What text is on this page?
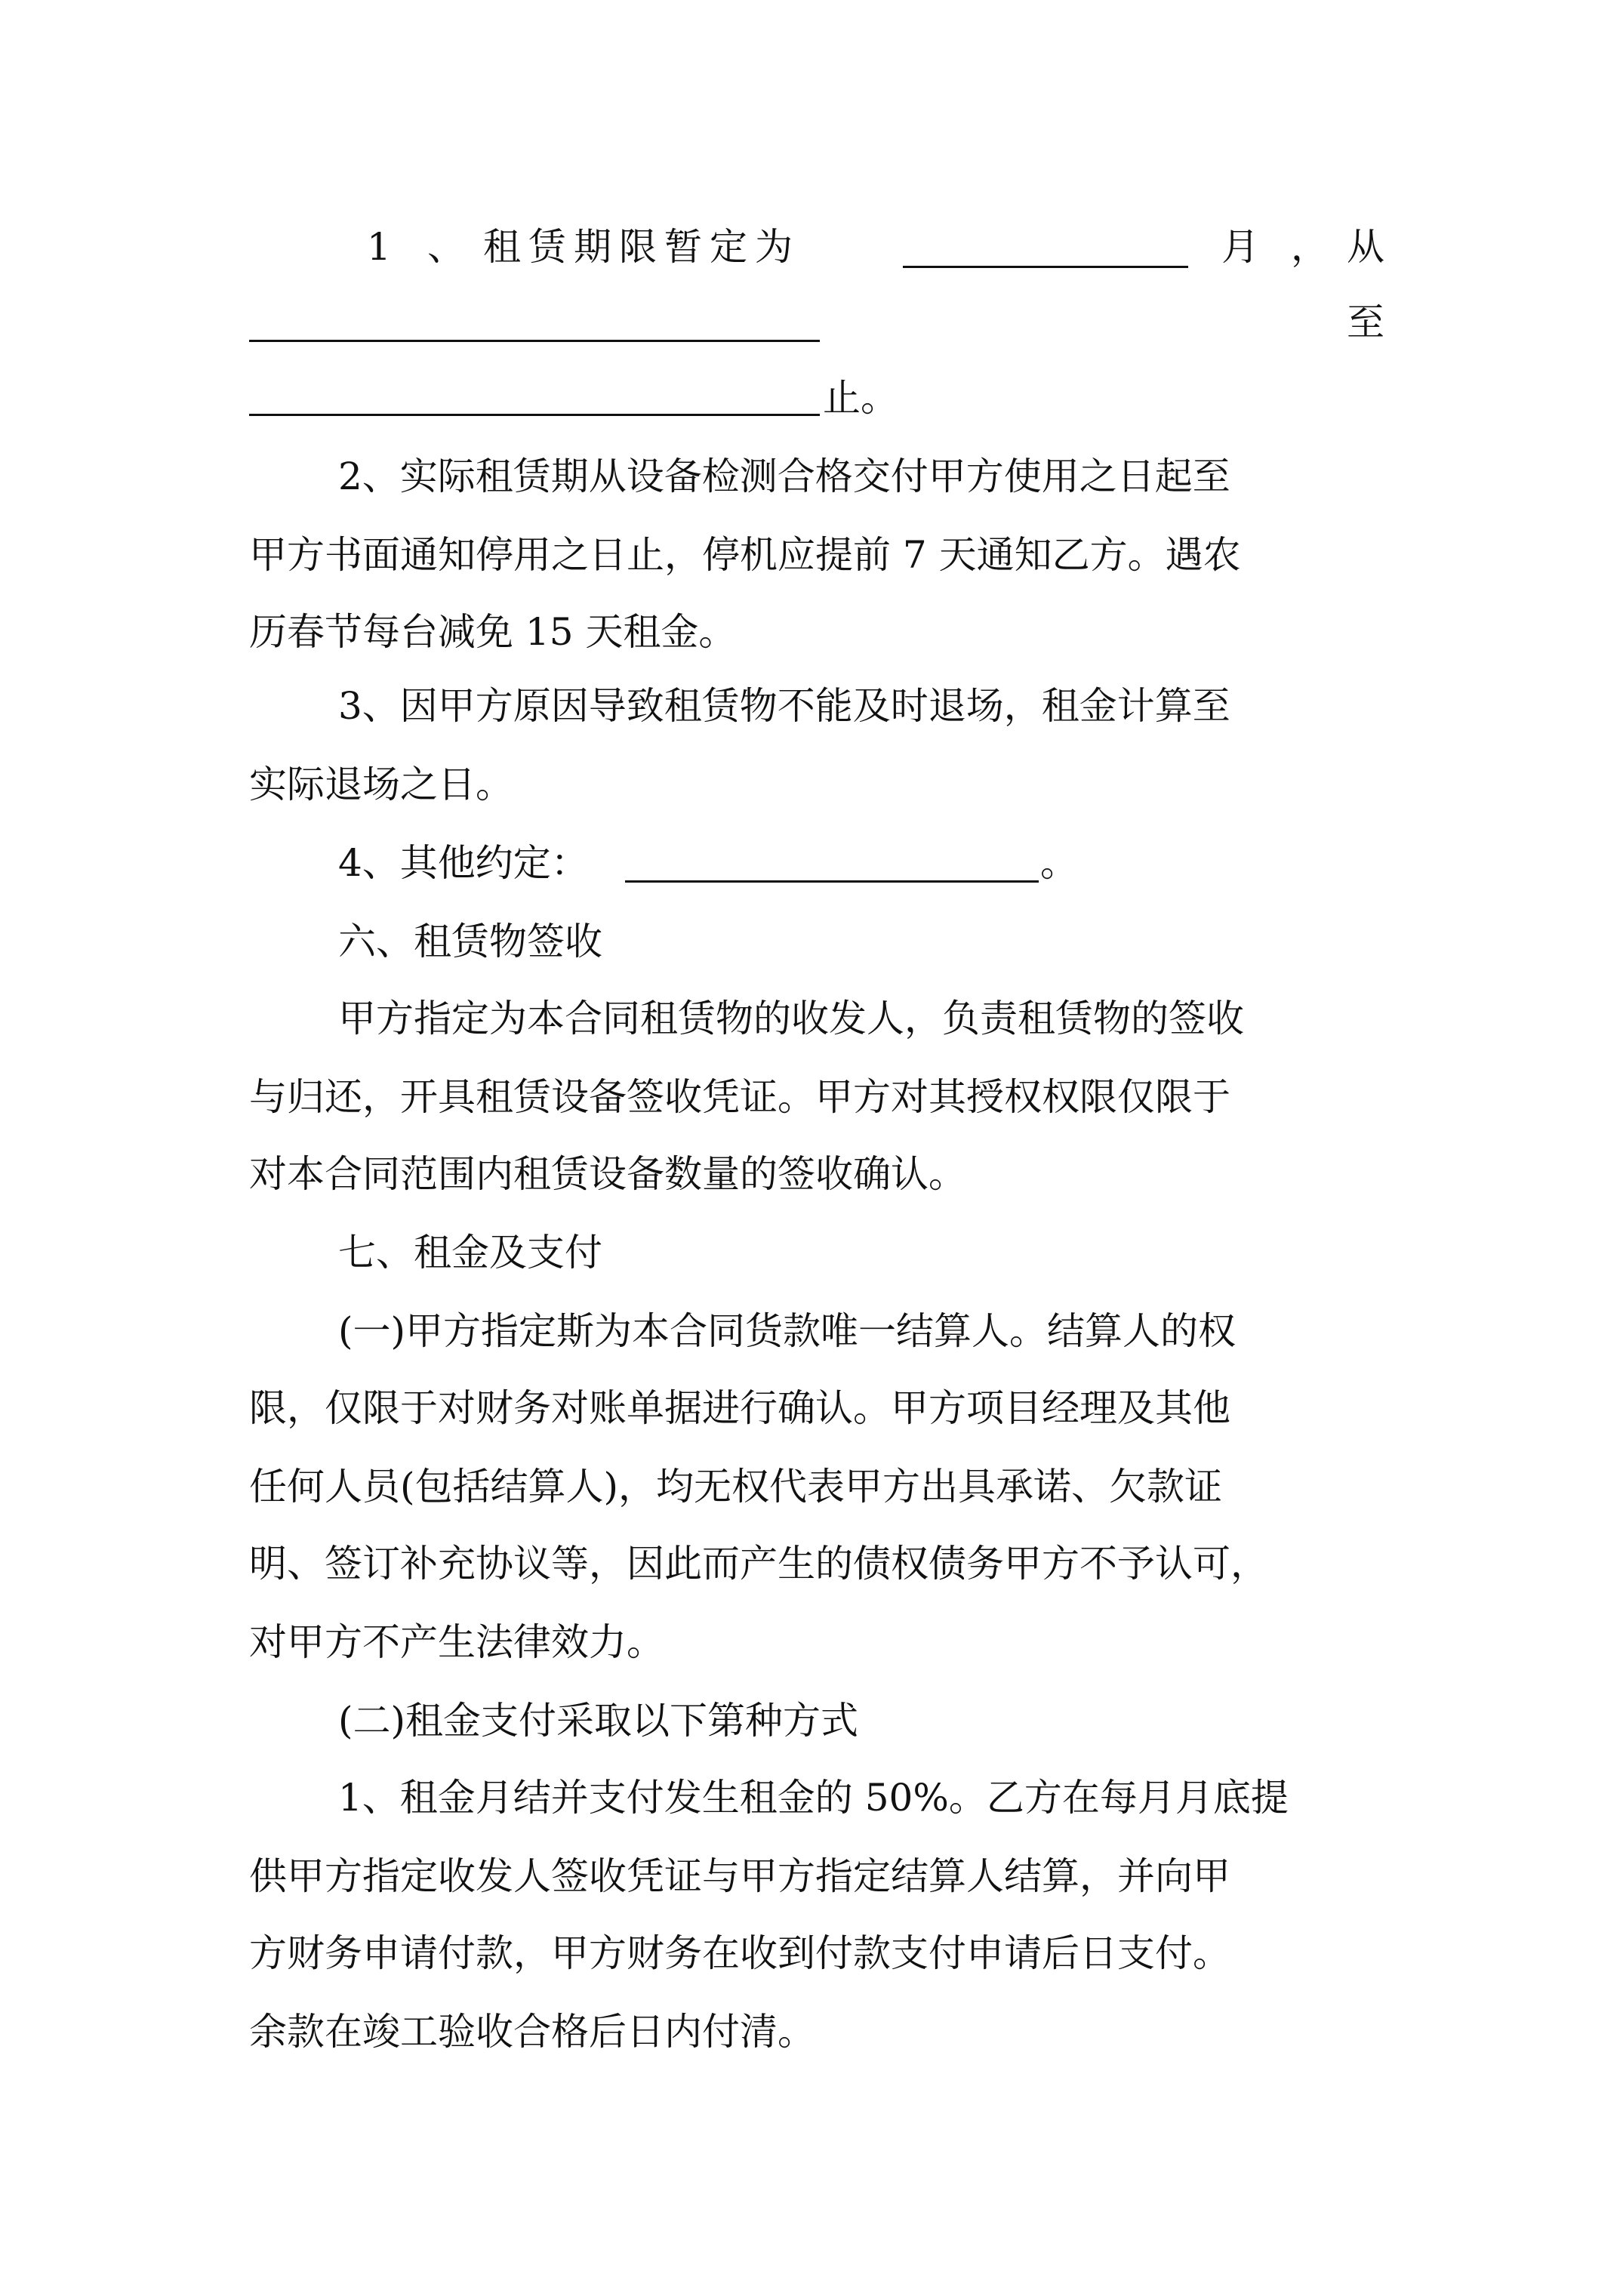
1 、 租 赁 期 限 暂 定 为	月 ， 从
至
止。
2、实际租赁期从设备检测合格交付甲方使用之日起至
甲方书面通知停用之日止，停机应提前 7 天通知乙方。遇农
历春节每台减免 15 天租金。
3、因甲方原因导致租赁物不能及时退场，租金计算至
实际退场之日。
4、其他约定：	。
六、租赁物签收
甲方指定为本合同租赁物的收发人，负责租赁物的签收
与归还，开具租赁设备签收凭证。甲方对其授权权限仅限于
对本合同范围内租赁设备数量的签收确认。
七、租金及支付
(一)甲方指定斯为本合同货款唯一结算人。结算人的权
限，仅限于对财务对账单据进行确认。甲方项目经理及其他
任何人员(包括结算人)，均无权代表甲方出具承诺、欠款证
明、签订补充协议等，因此而产生的债权债务甲方不予认可，
对甲方不产生法律效力。
(二)租金支付采取以下第种方式
1、租金月结并支付发生租金的 50%。乙方在每月月底提
供甲方指定收发人签收凭证与甲方指定结算人结算，并向甲
方财务申请付款，甲方财务在收到付款支付申请后日支付。
余款在竣工验收合格后日内付清。
